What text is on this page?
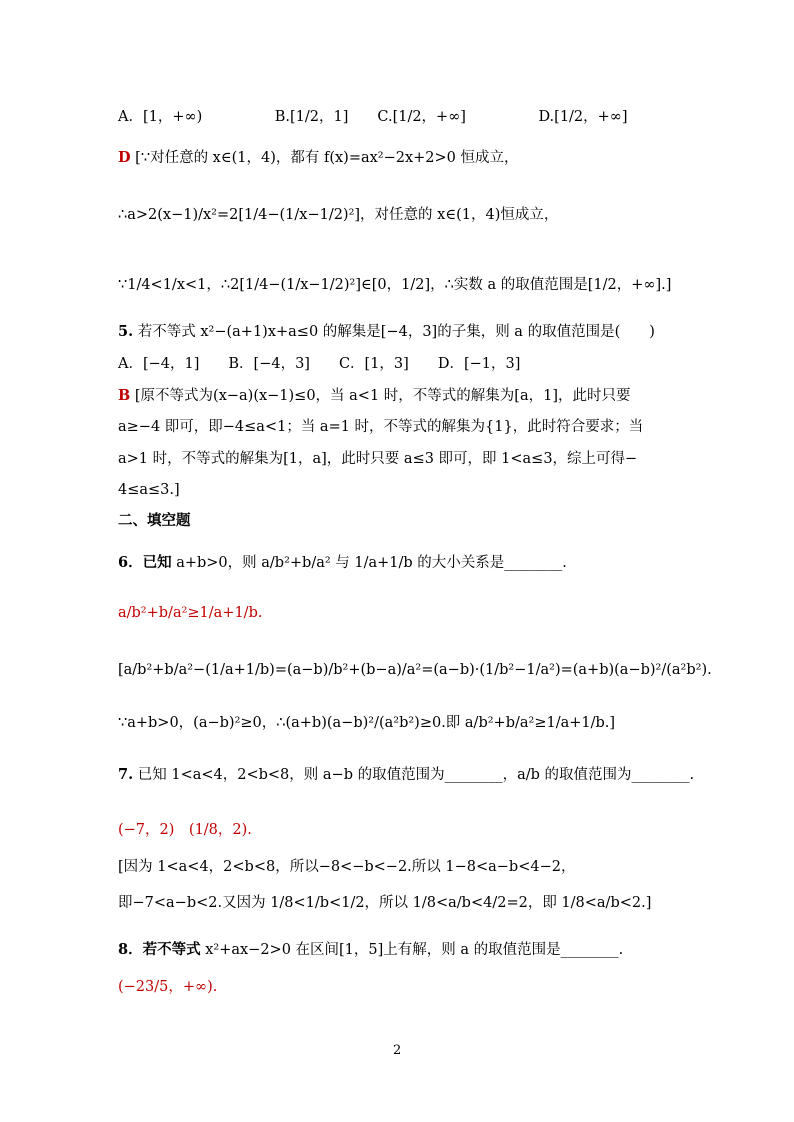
A．[1，+∞)　　　　　B.[1/2，1]　　C.[1/2，+∞]　　　　　D.[1/2，+∞]
D [∵对任意的 x∈(1，4)，都有 f(x)=ax²−2x+2>0 恒成立，
∴a>2(x−1)/x²=2[1/4−(1/x−1/2)²]，对任意的 x∈(1，4)恒成立，
∵1/4<1/x<1，∴2[1/4−(1/x−1/2)²]∈[0，1/2]，∴实数 a 的取值范围是[1/2，+∞].]
5. 若不等式 x²−(a+1)x+a≤0 的解集是[−4，3]的子集，则 a 的取值范围是(　　)
A．[−4，1]　　B．[−4，3]　　C．[1，3]　　D．[−1，3]
B [原不等式为(x−a)(x−1)≤0，当 a<1 时，不等式的解集为[a，1]，此时只要
a≥−4 即可，即−4≤a<1；当 a=1 时，不等式的解集为{1}，此时符合要求；当
a>1 时，不等式的解集为[1，a]，此时只要 a≤3 即可，即 1<a≤3，综上可得−
4≤a≤3.]
二、填空题
6．已知 a+b>0，则 a/b²+b/a² 与 1/a+1/b 的大小关系是________.
a/b²+b/a²≥1/a+1/b.
[a/b²+b/a²−(1/a+1/b)=(a−b)/b²+(b−a)/a²=(a−b)·(1/b²−1/a²)=(a+b)(a−b)²/(a²b²).
∵a+b>0，(a−b)²≥0，∴(a+b)(a−b)²/(a²b²)≥0.即 a/b²+b/a²≥1/a+1/b.]
7. 已知 1<a<4，2<b<8，则 a−b 的取值范围为________，a/b 的取值范围为________.
(−7，2)　(1/8，2).
[因为 1<a<4，2<b<8，所以−8<−b<−2.所以 1−8<a−b<4−2，
即−7<a−b<2.又因为 1/8<1/b<1/2，所以 1/8<a/b<4/2=2，即 1/8<a/b<2.]
8．若不等式 x²+ax−2>0 在区间[1，5]上有解，则 a 的取值范围是________.
(−23/5，+∞).
2
